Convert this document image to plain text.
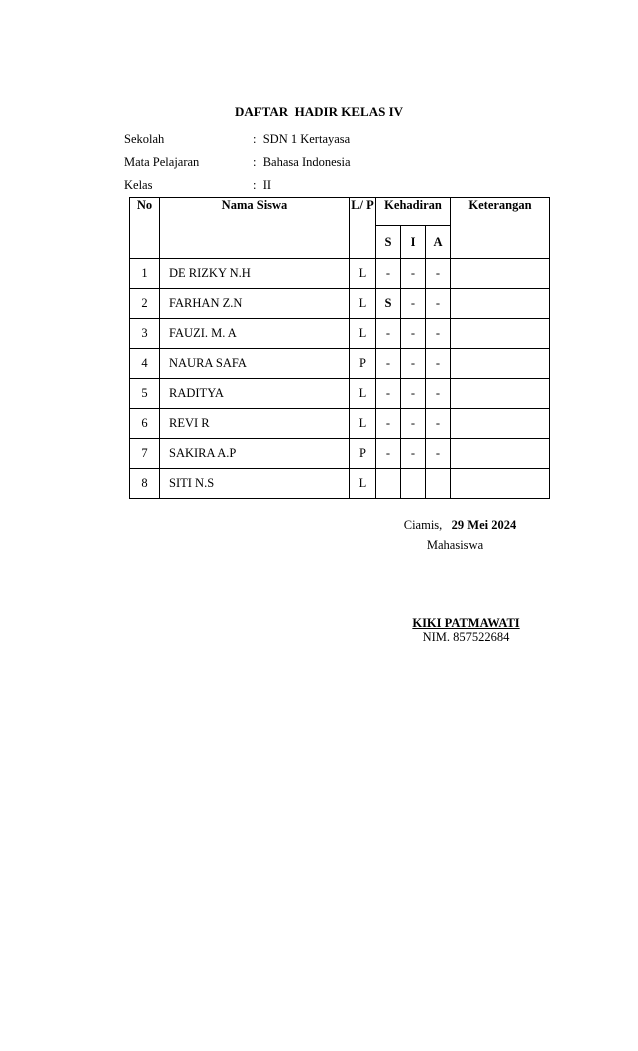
DAFTAR  HADIR KELAS IV
Sekolah	:  SDN 1 Kertayasa
Mata Pelajaran	:  Bahasa Indonesia
Kelas	:  II
No	Nama Siswa	L/ P	Kehadiran			Keterangan
			S	I	A	
1	DE RIZKY N.H	L	-	-	-	
2	FARHAN Z.N	L	S	-	-	
3	FAUZI. M. A	L	-	-	-	
4	NAURA SAFA	P	-	-	-	
5	RADITYA	L	-	-	-	
6	REVI R	L	-	-	-	
7	SAKIRA A.P	P	-	-	-	
8	SITI N.S	L				
Ciamis, 29 Mei 2024
Mahasiswa
KIKI PATMAWATI
NIM. 857522684
